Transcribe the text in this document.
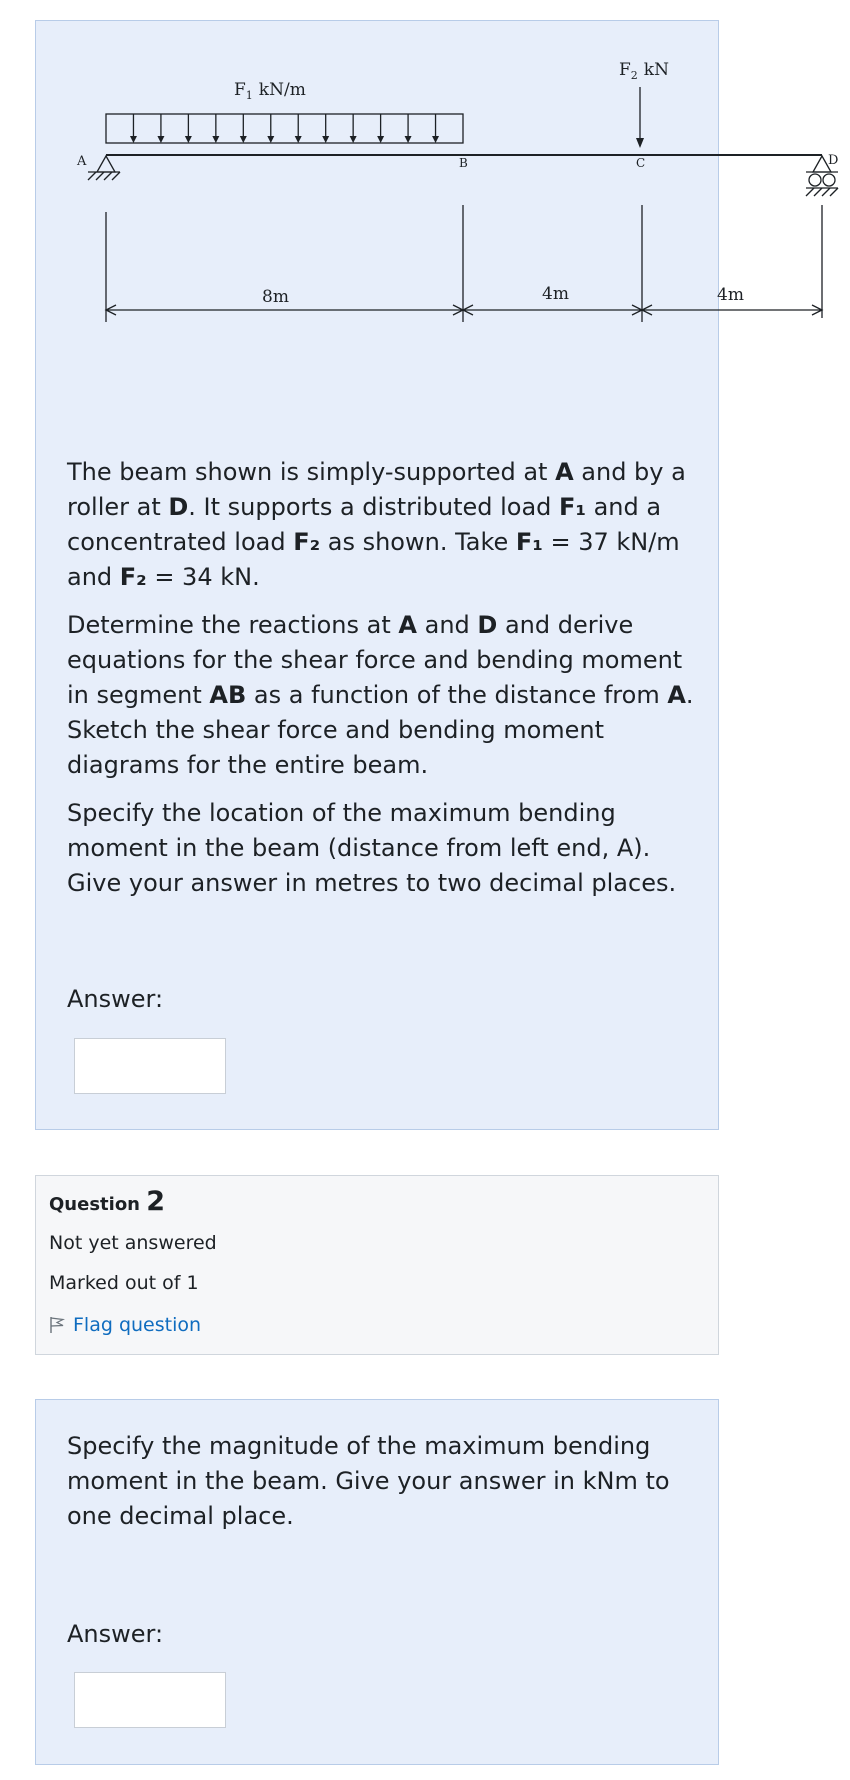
$F_1$ kN/m
$F_2$ kN
A	B	C	D
8m	4m	4m

The beam shown is simply-supported at A and by a roller at D. It supports a distributed load F₁ and a concentrated load F₂ as shown. Take F₁ = 37 kN/m and F₂ = 34 kN.

Determine the reactions at A and D and derive equations for the shear force and bending moment in segment AB as a function of the distance from A. Sketch the shear force and bending moment diagrams for the entire beam.

Specify the location of the maximum bending moment in the beam (distance from left end, A). Give your answer in metres to two decimal places.

Answer:
Question 2
Not yet answered
Marked out of 1
Flag question

Specify the magnitude of the maximum bending moment in the beam. Give your answer in kNm to one decimal place.

Answer:
